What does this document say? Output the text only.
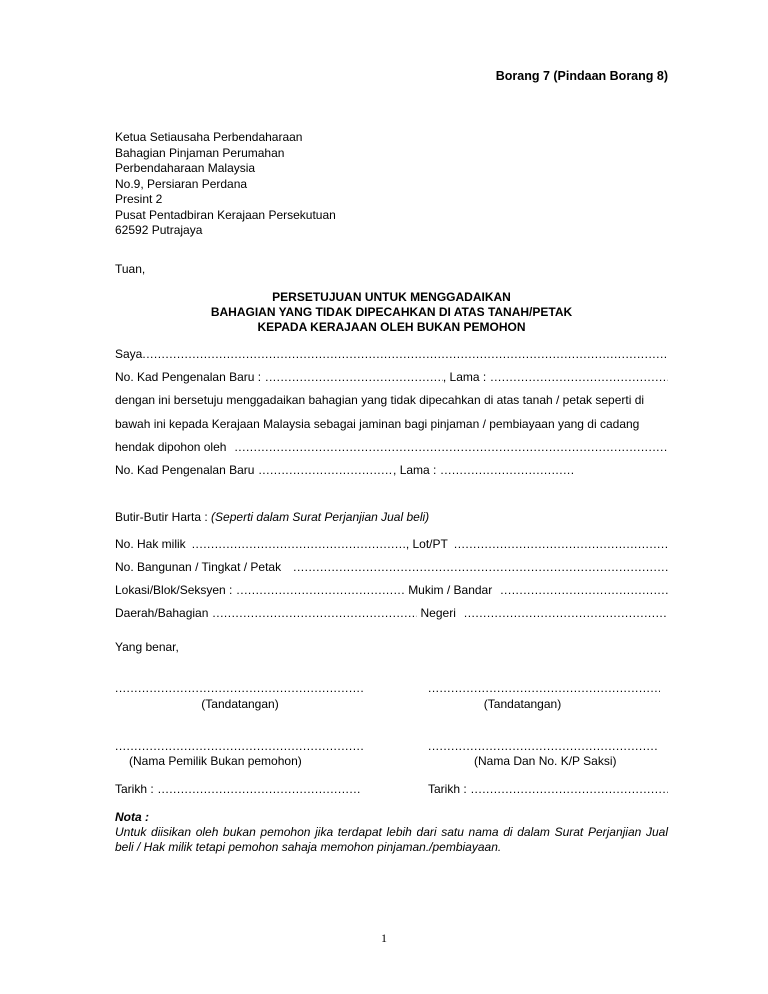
Borang 7 (Pindaan Borang 8)
Ketua Setiausaha Perbendaharaan
Bahagian Pinjaman Perumahan
Perbendaharaan Malaysia
No.9, Persiaran Perdana
Presint 2
Pusat Pentadbiran Kerajaan Persekutuan
62592 Putrajaya
Tuan,
PERSETUJUAN UNTUK MENGGADAIKAN
BAHAGIAN YANG TIDAK DIPECAHKAN DI ATAS TANAH/PETAK
KEPADA KERAJAAN OLEH BUKAN PEMOHON
Saya
.....
No. Kad Pengenalan Baru : .....	, Lama :
.....
dengan ini bersetuju menggadaikan bahagian yang tidak dipecahkan di atas tanah / petak seperti di
bawah ini kepada Kerajaan Malaysia sebagai jaminan bagi pinjaman / pembiayaan yang di cadang
hendak dipohon oleh
.....
No. Kad Pengenalan Baru .....	, Lama :
.....
Butir-Butir Harta : (Seperti dalam Surat Perjanjian Jual beli)
No. Hak milik .....	, Lot/PT
.....
No. Bangunan / Tingkat / Petak
.....
Lokasi/Blok/Seksyen : .....	Mukim / Bandar
.....
Daerah/Bahagian .....	Negeri
.....
Yang benar,
.....
.....
(Tandatangan)	(Tandatangan)
.....
.....
(Nama Pemilik Bukan pemohon)	(Nama Dan No. K/P Saksi)
Tarikh : .....	Tarikh :
.....
Nota :
Untuk diisikan oleh bukan pemohon jika terdapat lebih dari satu nama di dalam Surat Perjanjian Jual beli / Hak milik tetapi pemohon sahaja memohon pinjaman./pembiayaan.
1
